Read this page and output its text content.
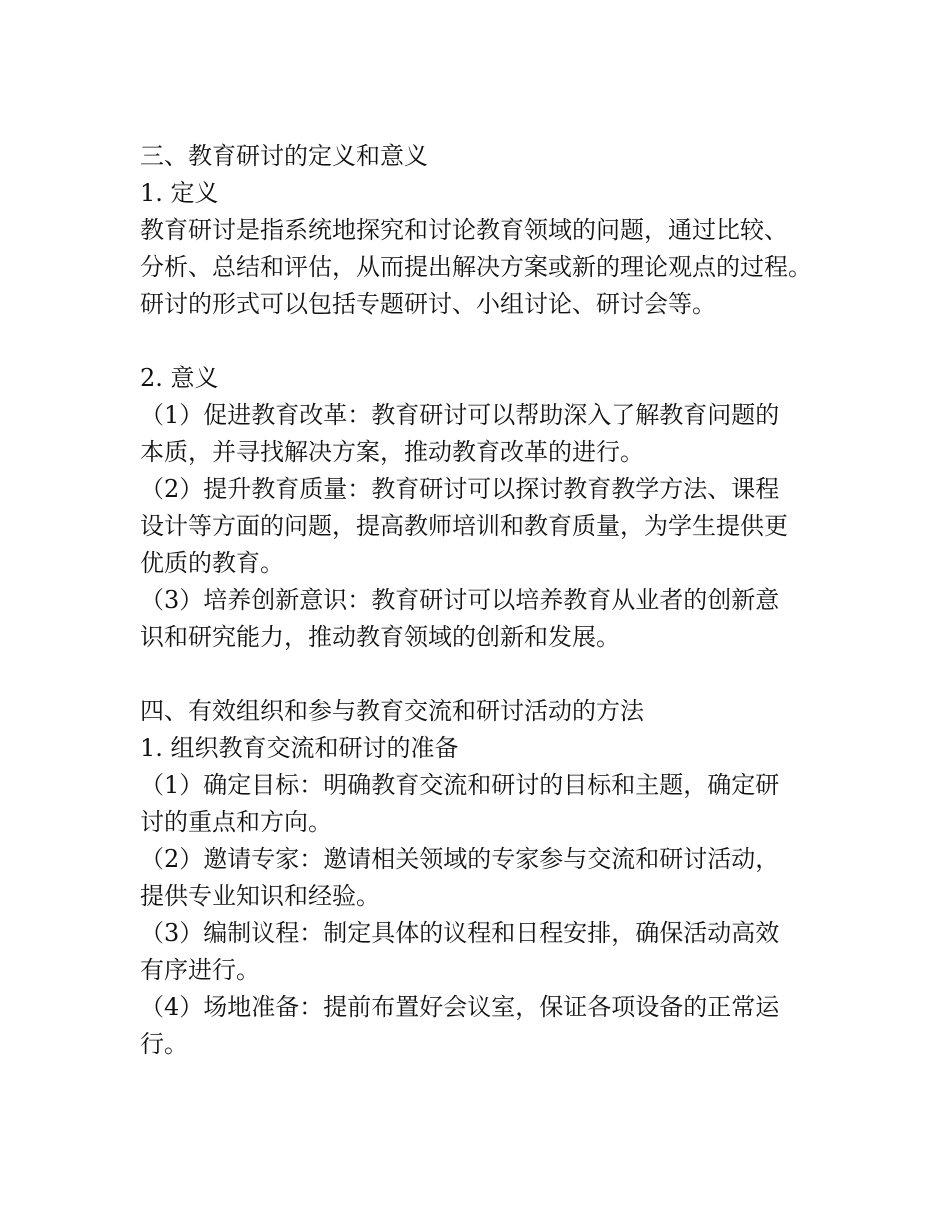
三、教育研讨的定义和意义
1. 定义
教育研讨是指系统地探究和讨论教育领域的问题，通过比较、
分析、总结和评估，从而提出解决方案或新的理论观点的过程。
研讨的形式可以包括专题研讨、小组讨论、研讨会等。
2. 意义
（1）促进教育改革：教育研讨可以帮助深入了解教育问题的
本质，并寻找解决方案，推动教育改革的进行。
（2）提升教育质量：教育研讨可以探讨教育教学方法、课程
设计等方面的问题，提高教师培训和教育质量，为学生提供更
优质的教育。
（3）培养创新意识：教育研讨可以培养教育从业者的创新意
识和研究能力，推动教育领域的创新和发展。
四、有效组织和参与教育交流和研讨活动的方法
1. 组织教育交流和研讨的准备
（1）确定目标：明确教育交流和研讨的目标和主题，确定研
讨的重点和方向。
（2）邀请专家：邀请相关领域的专家参与交流和研讨活动，
提供专业知识和经验。
（3）编制议程：制定具体的议程和日程安排，确保活动高效
有序进行。
（4）场地准备：提前布置好会议室，保证各项设备的正常运
行。
